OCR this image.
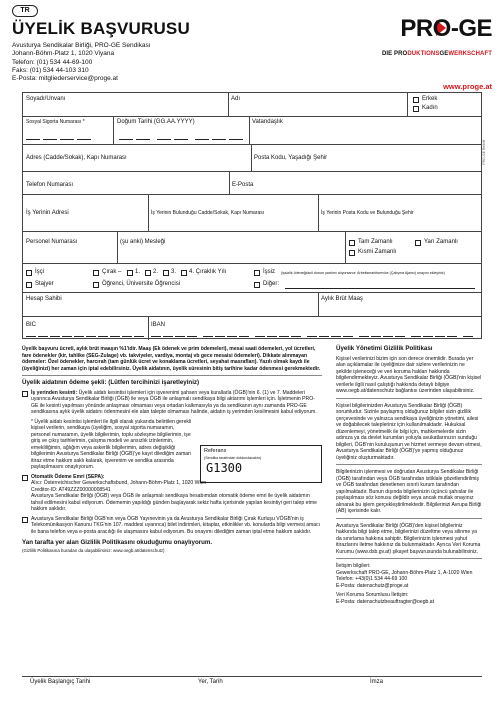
TR
ÜYELİK BAŞVURUSU
Avusturya Sendikalar Birliği, PRO-GE Sendikası
Johann-Böhm-Platz 1, 1020 Viyana
Telefon: (01) 534 44-69-100
Faks: (01) 534 44-103 310
E-Posta: mitgliederservice@proge.at
PRO-GE
DIE PRODUKTIONSGEWERKSCHAFT
www.proge.at
PRO-GE Beitritt
Soyadı/Unvanı	Adı	Erkek
Kadın
Sosyal Sigorta Numarası *	Doğum Tarihi (GG.AA.YYYY)	Vatandaşlık
Adres (Cadde/Sokak), Kapı Numarası	Posta Kodu, Yaşadığı Şehir
Telefon Numarası	E-Posta
İş Yerinin Adresi	İş Yerinin Bulunduğu Cadde/Sokak, Kapı Numarası	İş Yerinin Posta Kodu ve Bulunduğu Şehir
Personel Numarası	(şu anki) Mesleği	Tam Zamanlı	Yarı Zamanlı
Kısmi Zamanlı
İşçi	Çırak – 1. 2. 3. 4. Çıraklık Yılı	İşsiz (işsizlik ödeneği/acil durum yardımı alıyorsanız: Arbeitsmarktservice (Çalışma Ajansı) onayını ekleyiniz)
Stajyer	Öğrenci, Üniversite Öğrencisi	Diğer:
Hesap Sahibi	Aylık Brüt Maaş
BIC	IBAN

Üyelik başvuru ücreti, aylık brüt maaşın %1'idir. Maaş (Ek ödenek ve prim ödemeleri), mesai saati ödemeleri, yol ücretleri, fare ödenekler (kir, tahlike (SEG-Zulage) vb. takviyeler, vardiya, montaj vb gece mesaisi ödemeleri). Dikkate alınmayan ödemeler: Özel ödenekler, harcırah (tam günlük ücret ve konaklama ücretleri, seyahat masrafları). Yazılı olmak kaydı ile (üyeliğinizi) her zaman için iptal edebilirsiniz. Üyelik aidatının, üyelik süresinin bitiş tarihine kadar ödenmesi gerekmektedir.

Üyelik aidatının ödeme şekli: (Lütfen tercihinizi işaretleyiniz)
İş yerinden kesinti: Üyelik aidatı kesintisi işlemleri için işverenimi şahsen veya kurallarla (ÖGB)'nin 6. (1) ve 7. Maddeleri uyarınca Avusturya Sendikalar Birliği (ÖGB) ile veya ÖGB ile anlaşmalı sendikaya bilgi aktarımı işlemleri için. İşletmenin PRO-GE ile kesinti yapılması yönünde anlaşması olmaması veya ortadan kalkmasıyla ya da sendikanın aynı zamanda PRO-GE sendikasına aylık üyelik aidatını ödenmesini ele alan talepte olmaması halinde, aidatın iş yerimden kesilmesini kabul ediyorum.
* Üyelik aidatı kesintisi işlemleri ile ilgili olarak yukarıda belirtilen gerekli kişisel verilerin, sendikaya (üyeliğim, sosyal sigorta numaramın, personel numaramın, üyelik bilgilerimin, toplu sözleşme bilgilerimin, işe giriş ve çıkış tarihlerimin, çalışma modeli ve ansızlık izinlerimin, emekliliğimin, ağlığım veya askerlik bilgilerimin, adres değişikliği bilgilerimin Avusturya Sendikalar Birliği (ÖGB)'ye kayıt dilediğim zaman itiraz etme hakkım saklı kalarak, işverenim ve sendika arasında paylaşılmasını onaylıyorum.
Referans
(Sendika tarafından doldurulacaktır)
G1300
Otomatik Ödeme Emri (SEPA):
Alıcı: Österreichischer Gewerkschaftsbund, Johann-Böhm-Platz 1, 1020 Wien
Creditor-ID: AT49ZZZ00000008541
Avusturya Sendikalar Birliği (ÖGB) veya ÖGB ile anlaşmalı sendikaya hesabımdan otomatik ödeme emri ile üyelik aidatımın tahsil edilmesini kabul ediyorum. Ödememin yapıldığı günden başlayarak sekiz hafta içerisinde yapılan kesintiyi geri talep etme hakkım saklıdır.
Avusturya Sendikalar Birliği ÖGB'nin veya ÖGB Yayınevinin ya da Avusturya Sendikalar Birliği Çırak Kurluşu VÖGB'nin iş Telekomünikasyon Kanunu TKG'nin 107. maddesi uyarınca) bilet indirimleri, kitaplar, etkinlikler vb. konularda bilgi vermesi amacı ile bana telefon veya e-posta aracılığı ile ulaşmasını kabul ediyorum. Bu onayımı dilediğim zaman iptal etme hakkım saklıdır.
Yan tarafta yer alan Gizlilik Politikasını okuduğumu onaylıyorum.
(Gizlilik Politikasına buradan da ulaşabilirsiniz: www.oegb.at/datenschutz)
Üyelik Yönetimi Gizlilik Politikası

Kişisel verilerinizi bizim için son derece önemlidir. Burada yer alan açıklamalar ile üyeliğinize dair sizlere verilerinizin ne şekilde işleneceği ve veri koruma hakları hakkında bilgilendirmekteyiz. Avusturya Sendikalar Birliği (ÖGB)'nin kişisel verilerle ilgili nasıl çalıştığı hakkında detaylı bilgiye www.oegb.at/datenschutz bağlantısı üzerinden ulaşabilirsiniz.

Kişisel bilgilerinizden Avusturya Sendikalar Birliği (ÖGB) sorumludur. Sizinle paylaşmış olduğunuz bilgiler sizin gizlilik çerçevesinde ve yalnızca sendikaya üyeliğinizin yönetimi, ailesi ve doğabilecek talepleriniz için kullanılmaktadır. Hukuksal düzenlemeyi, yönetmelik ile bilgi için, mahkemelerde sizin adınıza ya da devlet kurumları yoluyla avukatlarınızın sunduğu bilgileri, ÖGB'nin kuruluşunun ve hizmet vermeye devam etmesi, Avusturya Sendikalar Birliği (ÖGB)'ye yapmış olduğunuz üyeliğiniz oluşturmaktadır.

Bilgilerinizin işlenmesi ve doğrudan Avusturya Sendikalar Birliği (ÖGB) tarafından veya ÖGB tarafından istiklale gözetlendirilmiş ve ÖGB tarafından denetlenen sınırlı kurum tarafından yapılmaktadır. Bunun dışında bilgilerinizin üçüncü şahıslar ile paylaşılması söz konusu değildir veya ancak mutlak onayınız alınarak bu işlem gerçekleştirilmektedir. Bilgilerinizi Avrupa Birliği (AB) içerisinde kalır.

Avusturya Sendikalar Birliği (ÖGB)'den kişisel bilgileriniz hakkında bilgi talep etme, bilgilerinizi düzeltme veya silinme ya da sınırlama hakkına sahiptir. Bilgilerinizin işlenmesi yahut itirazlarını iletme hakkınız da bulunmaktadır. Ayrıca Veri Koruma Kurumu (www.dsb.gv.at) şikayet başvurusunda bulunabilirsiniz.

İletişim bilgileri:
Gewerkschaft PRO-GE, Johann-Böhm-Platz 1, A-1020 Wien
Telefon: +43(0)1 534 44-69 100
E-Posta: datenschutz@proge.at
Veri Koruma Sorumlusu İletişim:
E-Posta: datenschutzbeauftragter@oegb.at
Üyelik Başlangıç Tarihi	Yer, Tarih	İmza
